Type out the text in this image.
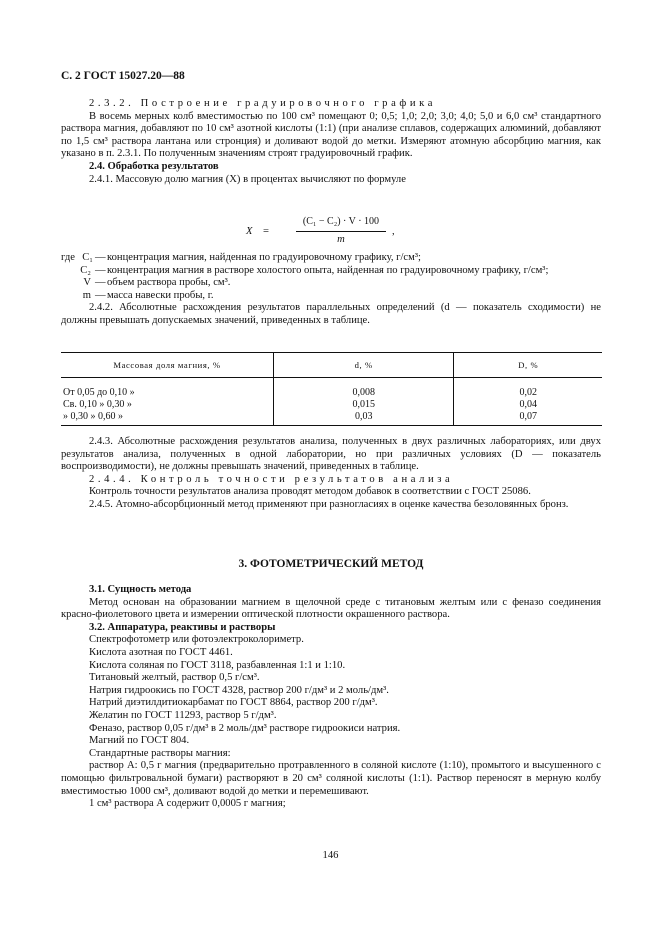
С. 2 ГОСТ 15027.20—88

2.3.2. Построение градуировочного графика

В восемь мерных колб вместимостью по 100 см³ помещают 0; 0,5; 1,0; 2,0; 3,0; 4,0; 5,0 и 6,0 см³ стандартного раствора магния, добавляют по 10 см³ азотной кислоты (1:1) (при анализе сплавов, содержащих алюминий, добавляют по 1,5 см³ раствора лантана или стронция) и доливают водой до метки. Измеряют атомную абсорбцию магния, как указано в п. 2.3.1. По полученным значениям строят градуировочный график.

2.4. Обработка результатов

2.4.1. Массовую долю магния (X) в процентах вычисляют по формуле

X =
(C₁ − C₂) · V · 100
m
,
где C₁ — концентрация магния, найденная по градуировочному графику, г/см³;
C₂ — концентрация магния в растворе холостого опыта, найденная по градуировочному графику, г/см³;
V — объем раствора пробы, см³.
m — масса навески пробы, г.

2.4.2. Абсолютные расхождения результатов параллельных определений (d — показатель сходимости) не должны превышать допускаемых значений, приведенных в таблице.

Массовая доля магния, %	d, %	D, %
От 0,05 до 0,10 »	0,008	0,02
Св. 0,10 » 0,30 »	0,015	0,04
» 0,30 » 0,60 »	0,03	0,07

2.4.3. Абсолютные расхождения результатов анализа, полученных в двух различных лабораториях, или двух результатов анализа, полученных в одной лаборатории, но при различных условиях (D — показатель воспроизводимости), не должны превышать значений, приведенных в таблице.

2.4.4. Контроль точности результатов анализа

Контроль точности результатов анализа проводят методом добавок в соответствии с ГОСТ 25086.

2.4.5. Атомно-абсорбционный метод применяют при разногласиях в оценке качества безоловянных бронз.

3. ФОТОМЕТРИЧЕСКИЙ МЕТОД

3.1. Сущность метода

Метод основан на образовании магнием в щелочной среде с титановым желтым или с феназо соединения красно-фиолетового цвета и измерении оптической плотности окрашенного раствора.

3.2. Аппаратура, реактивы и растворы

Спектрофотометр или фотоэлектроколориметр.

Кислота азотная по ГОСТ 4461.

Кислота соляная по ГОСТ 3118, разбавленная 1:1 и 1:10.

Титановый желтый, раствор 0,5 г/см³.

Натрия гидроокись по ГОСТ 4328, раствор 200 г/дм³ и 2 моль/дм³.

Натрий диэтилдитиокарбамат по ГОСТ 8864, раствор 200 г/дм³.

Желатин по ГОСТ 11293, раствор 5 г/дм³.

Феназо, раствор 0,05 г/дм³ в 2 моль/дм³ растворе гидроокиси натрия.

Магний по ГОСТ 804.

Стандартные растворы магния:

раствор А: 0,5 г магния (предварительно протравленного в соляной кислоте (1:10), промытого и высушенного с помощью фильтровальной бумаги) растворяют в 20 см³ соляной кислоты (1:1). Раствор переносят в мерную колбу вместимостью 1000 см³, доливают водой до метки и перемешивают.

1 см³ раствора А содержит 0,0005 г магния;

146
